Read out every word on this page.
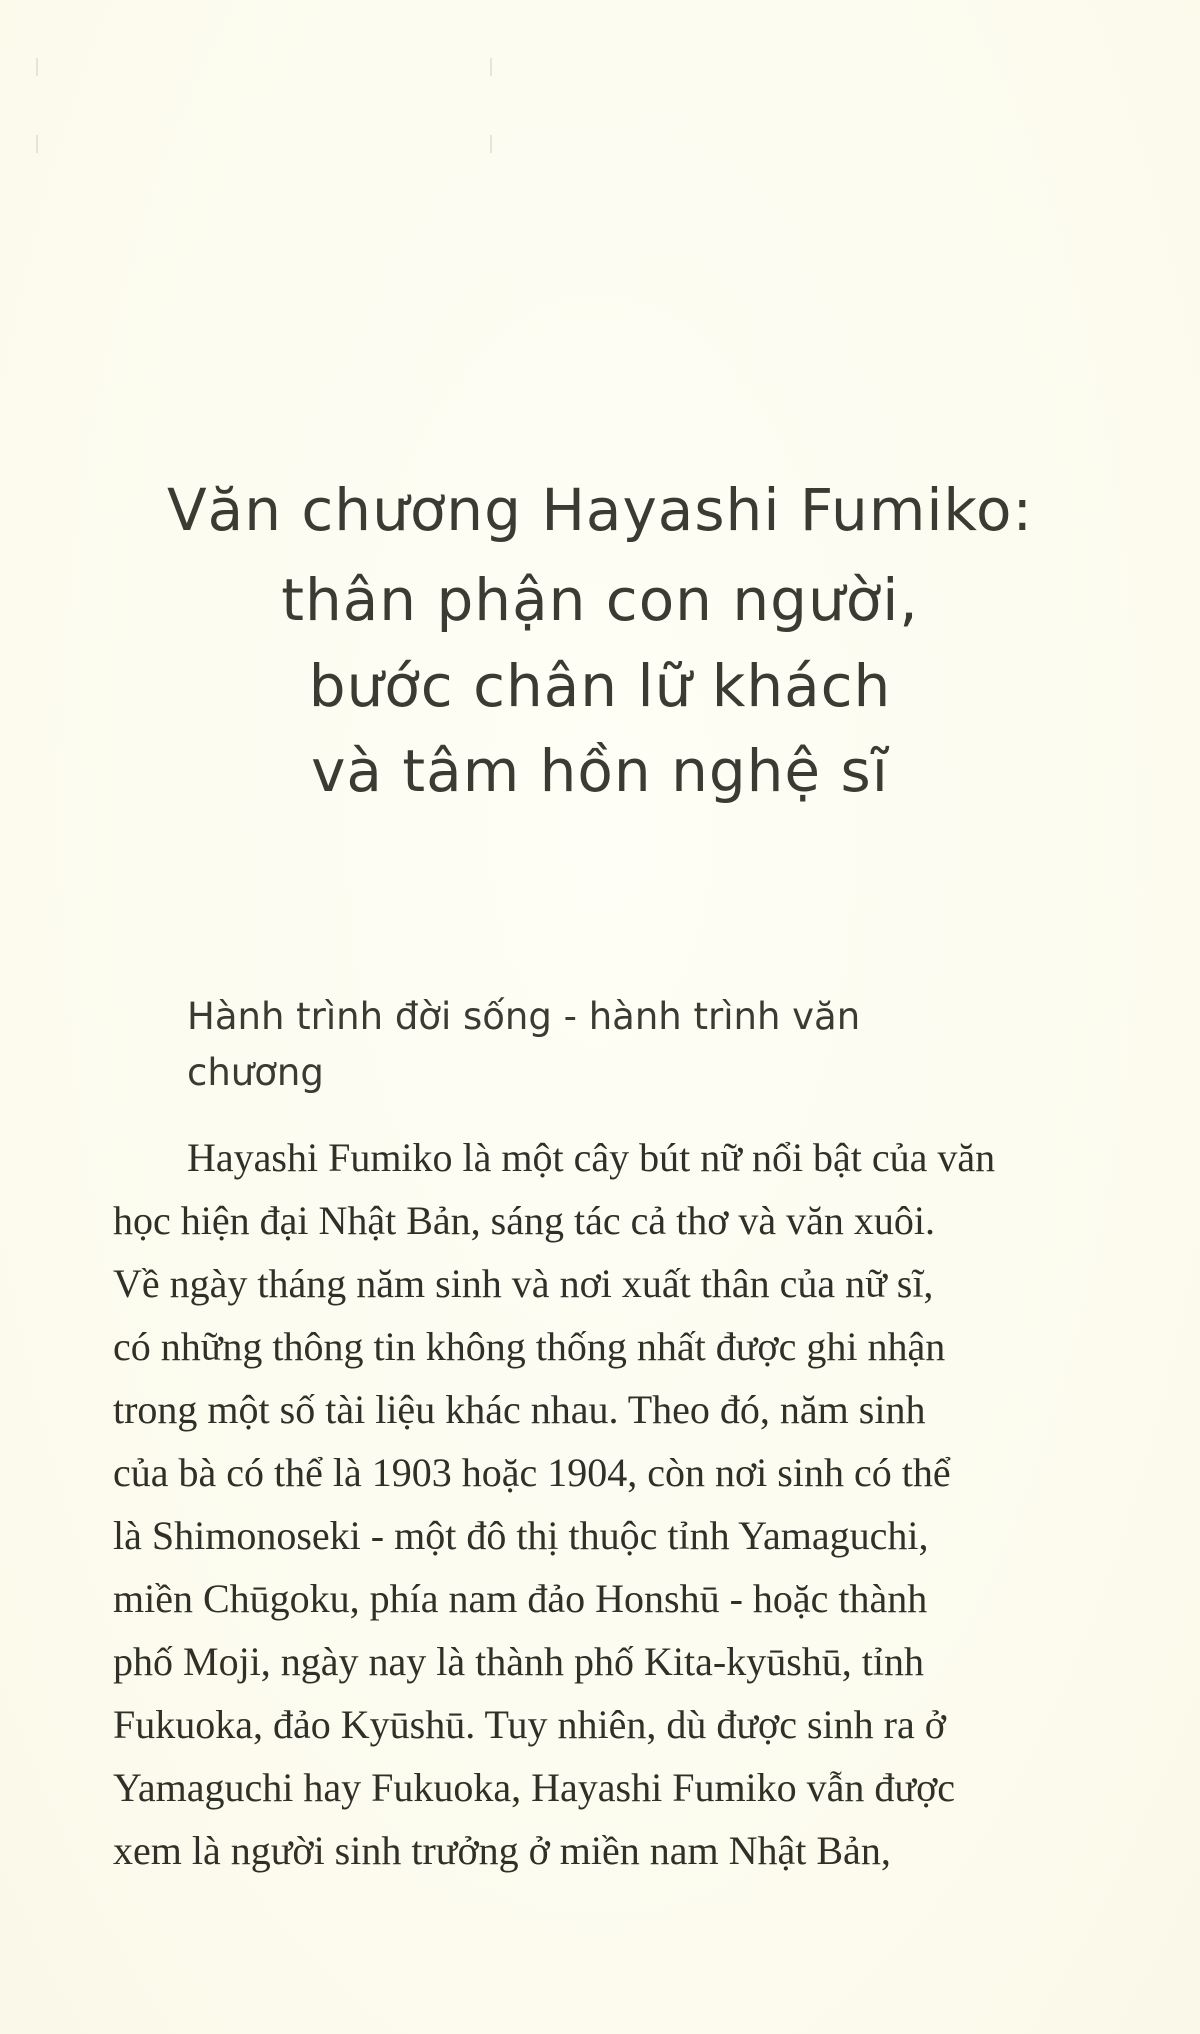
Văn chương Hayashi Fumiko:
thân phận con người,
bước chân lữ khách
và tâm hồn nghệ sĩ
Hành trình đời sống - hành trình văn
chương
Hayashi Fumiko là một cây bút nữ nổi bật của văn
học hiện đại Nhật Bản, sáng tác cả thơ và văn xuôi.
Về ngày tháng năm sinh và nơi xuất thân của nữ sĩ,
có những thông tin không thống nhất được ghi nhận
trong một số tài liệu khác nhau. Theo đó, năm sinh
của bà có thể là 1903 hoặc 1904, còn nơi sinh có thể
là Shimonoseki - một đô thị thuộc tỉnh Yamaguchi,
miền Chūgoku, phía nam đảo Honshū - hoặc thành
phố Moji, ngày nay là thành phố Kita-kyūshū, tỉnh
Fukuoka, đảo Kyūshū. Tuy nhiên, dù được sinh ra ở
Yamaguchi hay Fukuoka, Hayashi Fumiko vẫn được
xem là người sinh trưởng ở miền nam Nhật Bản,
